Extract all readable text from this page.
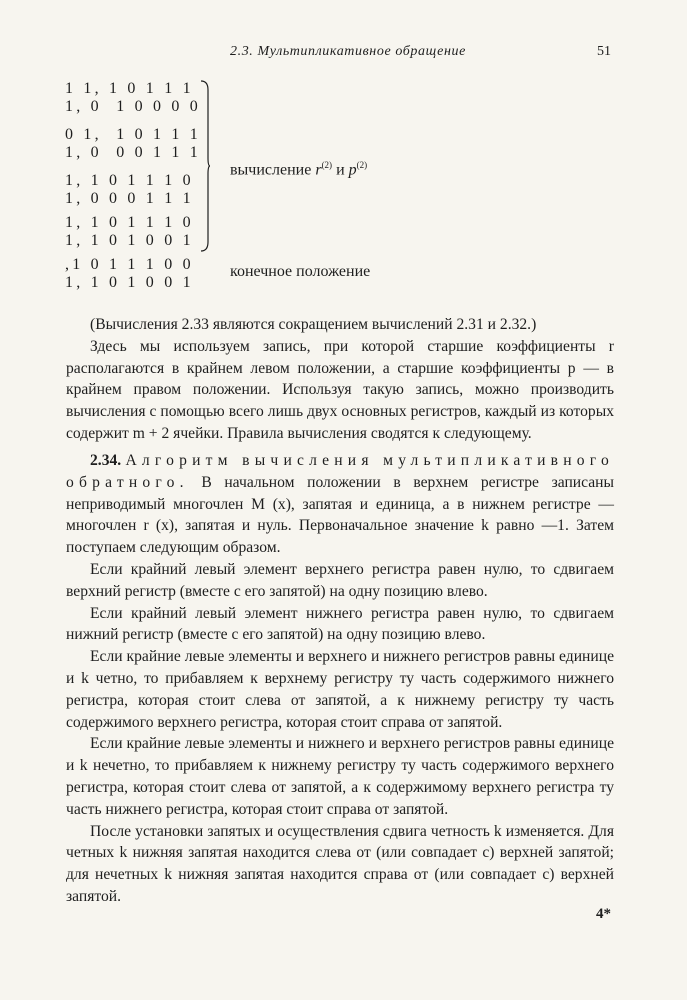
2.3. Мультипликативное обращение	51
1 1, 1 0 1 1 1
1, 0  1 0 0 0 0
0 1,  1 0 1 1 1
1, 0  0 0 1 1 1
1, 1 0 1 1 1 0
1, 0 0 0 1 1 1
1, 1 0 1 1 1 0
1, 1 0 1 0 0 1
,1 0 1 1 1 0 0
1, 1 0 1 0 0 1
вычисление $r^{(2)}$ и $p^{(2)}$
конечное положение

(Вычисления 2.33 являются сокращением вычислений 2.31 и 2.32.)

Здесь мы используем запись, при которой старшие коэффициенты r располагаются в крайнем левом положении, а старшие коэффициенты p — в крайнем правом положении. Используя такую запись, можно производить вычисления с помощью всего лишь двух основных регистров, каждый из которых содержит m + 2 ячейки. Правила вычисления сводятся к следующему.

2.34. Алгоритм вычисления мультипликативного обратного. В начальном положении в верхнем регистре записаны неприводимый многочлен M (x), запятая и единица, а в нижнем регистре — многочлен r (x), запятая и нуль. Первоначальное значение k равно —1. Затем поступаем следующим образом.

Если крайний левый элемент верхнего регистра равен нулю, то сдвигаем верхний регистр (вместе с его запятой) на одну позицию влево.

Если крайний левый элемент нижнего регистра равен нулю, то сдвигаем нижний регистр (вместе с его запятой) на одну позицию влево.

Если крайние левые элементы и верхнего и нижнего регистров равны единице и k четно, то прибавляем к верхнему регистру ту часть содержимого нижнего регистра, которая стоит слева от запятой, а к нижнему регистру ту часть содержимого верхнего регистра, которая стоит справа от запятой.

Если крайние левые элементы и нижнего и верхнего регистров равны единице и k нечетно, то прибавляем к нижнему регистру ту часть содержимого верхнего регистра, которая стоит слева от запятой, а к содержимому верхнего регистра ту часть нижнего регистра, которая стоит справа от запятой.

После установки запятых и осуществления сдвига четность k изменяется. Для четных k нижняя запятая находится слева от (или совпадает с) верхней запятой; для нечетных k нижняя запятая находится справа от (или совпадает с) верхней запятой.

4*
